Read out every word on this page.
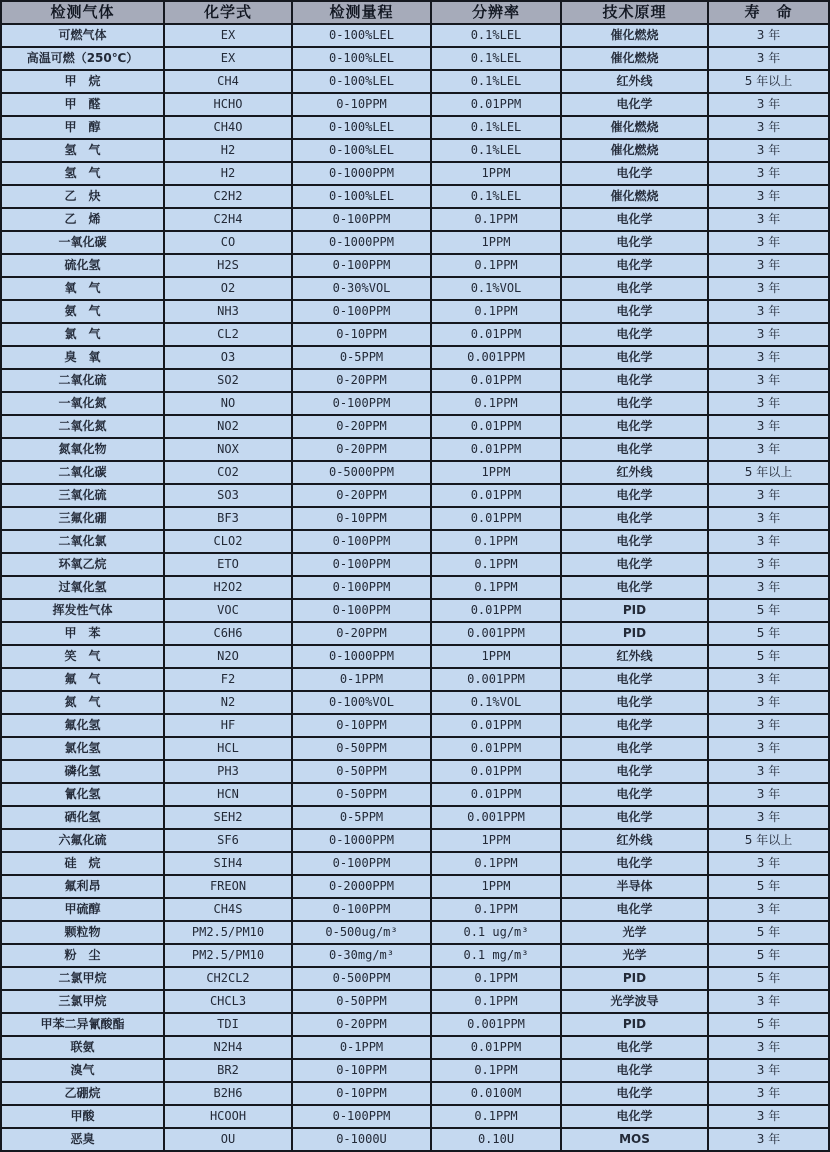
检测气体	化学式	检测量程	分辨率	技术原理	寿　命
可燃气体	EX	0-100%LEL	0.1%LEL	催化燃烧	3 年
高温可燃（250℃）	EX	0-100%LEL	0.1%LEL	催化燃烧	3 年
甲　烷	CH4	0-100%LEL	0.1%LEL	红外线	5 年以上
甲　醛	HCHO	0-10PPM	0.01PPM	电化学	3 年
甲　醇	CH4O	0-100%LEL	0.1%LEL	催化燃烧	3 年
氢　气	H2	0-100%LEL	0.1%LEL	催化燃烧	3 年
氢　气	H2	0-1000PPM	1PPM	电化学	3 年
乙　炔	C2H2	0-100%LEL	0.1%LEL	催化燃烧	3 年
乙　烯	C2H4	0-100PPM	0.1PPM	电化学	3 年
一氧化碳	CO	0-1000PPM	1PPM	电化学	3 年
硫化氢	H2S	0-100PPM	0.1PPM	电化学	3 年
氧　气	O2	0-30%VOL	0.1%VOL	电化学	3 年
氨　气	NH3	0-100PPM	0.1PPM	电化学	3 年
氯　气	CL2	0-10PPM	0.01PPM	电化学	3 年
臭　氧	O3	0-5PPM	0.001PPM	电化学	3 年
二氧化硫	SO2	0-20PPM	0.01PPM	电化学	3 年
一氧化氮	NO	0-100PPM	0.1PPM	电化学	3 年
二氧化氮	NO2	0-20PPM	0.01PPM	电化学	3 年
氮氧化物	NOX	0-20PPM	0.01PPM	电化学	3 年
二氧化碳	CO2	0-5000PPM	1PPM	红外线	5 年以上
三氧化硫	SO3	0-20PPM	0.01PPM	电化学	3 年
三氟化硼	BF3	0-10PPM	0.01PPM	电化学	3 年
二氧化氯	CLO2	0-100PPM	0.1PPM	电化学	3 年
环氧乙烷	ETO	0-100PPM	0.1PPM	电化学	3 年
过氧化氢	H2O2	0-100PPM	0.1PPM	电化学	3 年
挥发性气体	VOC	0-100PPM	0.01PPM	PID	5 年
甲　苯	C6H6	0-20PPM	0.001PPM	PID	5 年
笑　气	N2O	0-1000PPM	1PPM	红外线	5 年
氟　气	F2	0-1PPM	0.001PPM	电化学	3 年
氮　气	N2	0-100%VOL	0.1%VOL	电化学	3 年
氟化氢	HF	0-10PPM	0.01PPM	电化学	3 年
氯化氢	HCL	0-50PPM	0.01PPM	电化学	3 年
磷化氢	PH3	0-50PPM	0.01PPM	电化学	3 年
氰化氢	HCN	0-50PPM	0.01PPM	电化学	3 年
硒化氢	SEH2	0-5PPM	0.001PPM	电化学	3 年
六氟化硫	SF6	0-1000PPM	1PPM	红外线	5 年以上
硅　烷	SIH4	0-100PPM	0.1PPM	电化学	3 年
氟利昂	FREON	0-2000PPM	1PPM	半导体	5 年
甲硫醇	CH4S	0-100PPM	0.1PPM	电化学	3 年
颗粒物	PM2.5/PM10	0-500ug/m³	0.1 ug/m³	光学	5 年
粉　尘	PM2.5/PM10	0-30mg/m³	0.1 mg/m³	光学	5 年
二氯甲烷	CH2CL2	0-500PPM	0.1PPM	PID	5 年
三氯甲烷	CHCL3	0-50PPM	0.1PPM	光学波导	3 年
甲苯二异氰酸酯	TDI	0-20PPM	0.001PPM	PID	5 年
联氨	N2H4	0-1PPM	0.01PPM	电化学	3 年
溴气	BR2	0-10PPM	0.1PPM	电化学	3 年
乙硼烷	B2H6	0-10PPM	0.0100M	电化学	3 年
甲酸	HCOOH	0-100PPM	0.1PPM	电化学	3 年
恶臭	OU	0-1000U	0.10U	MOS	3 年
